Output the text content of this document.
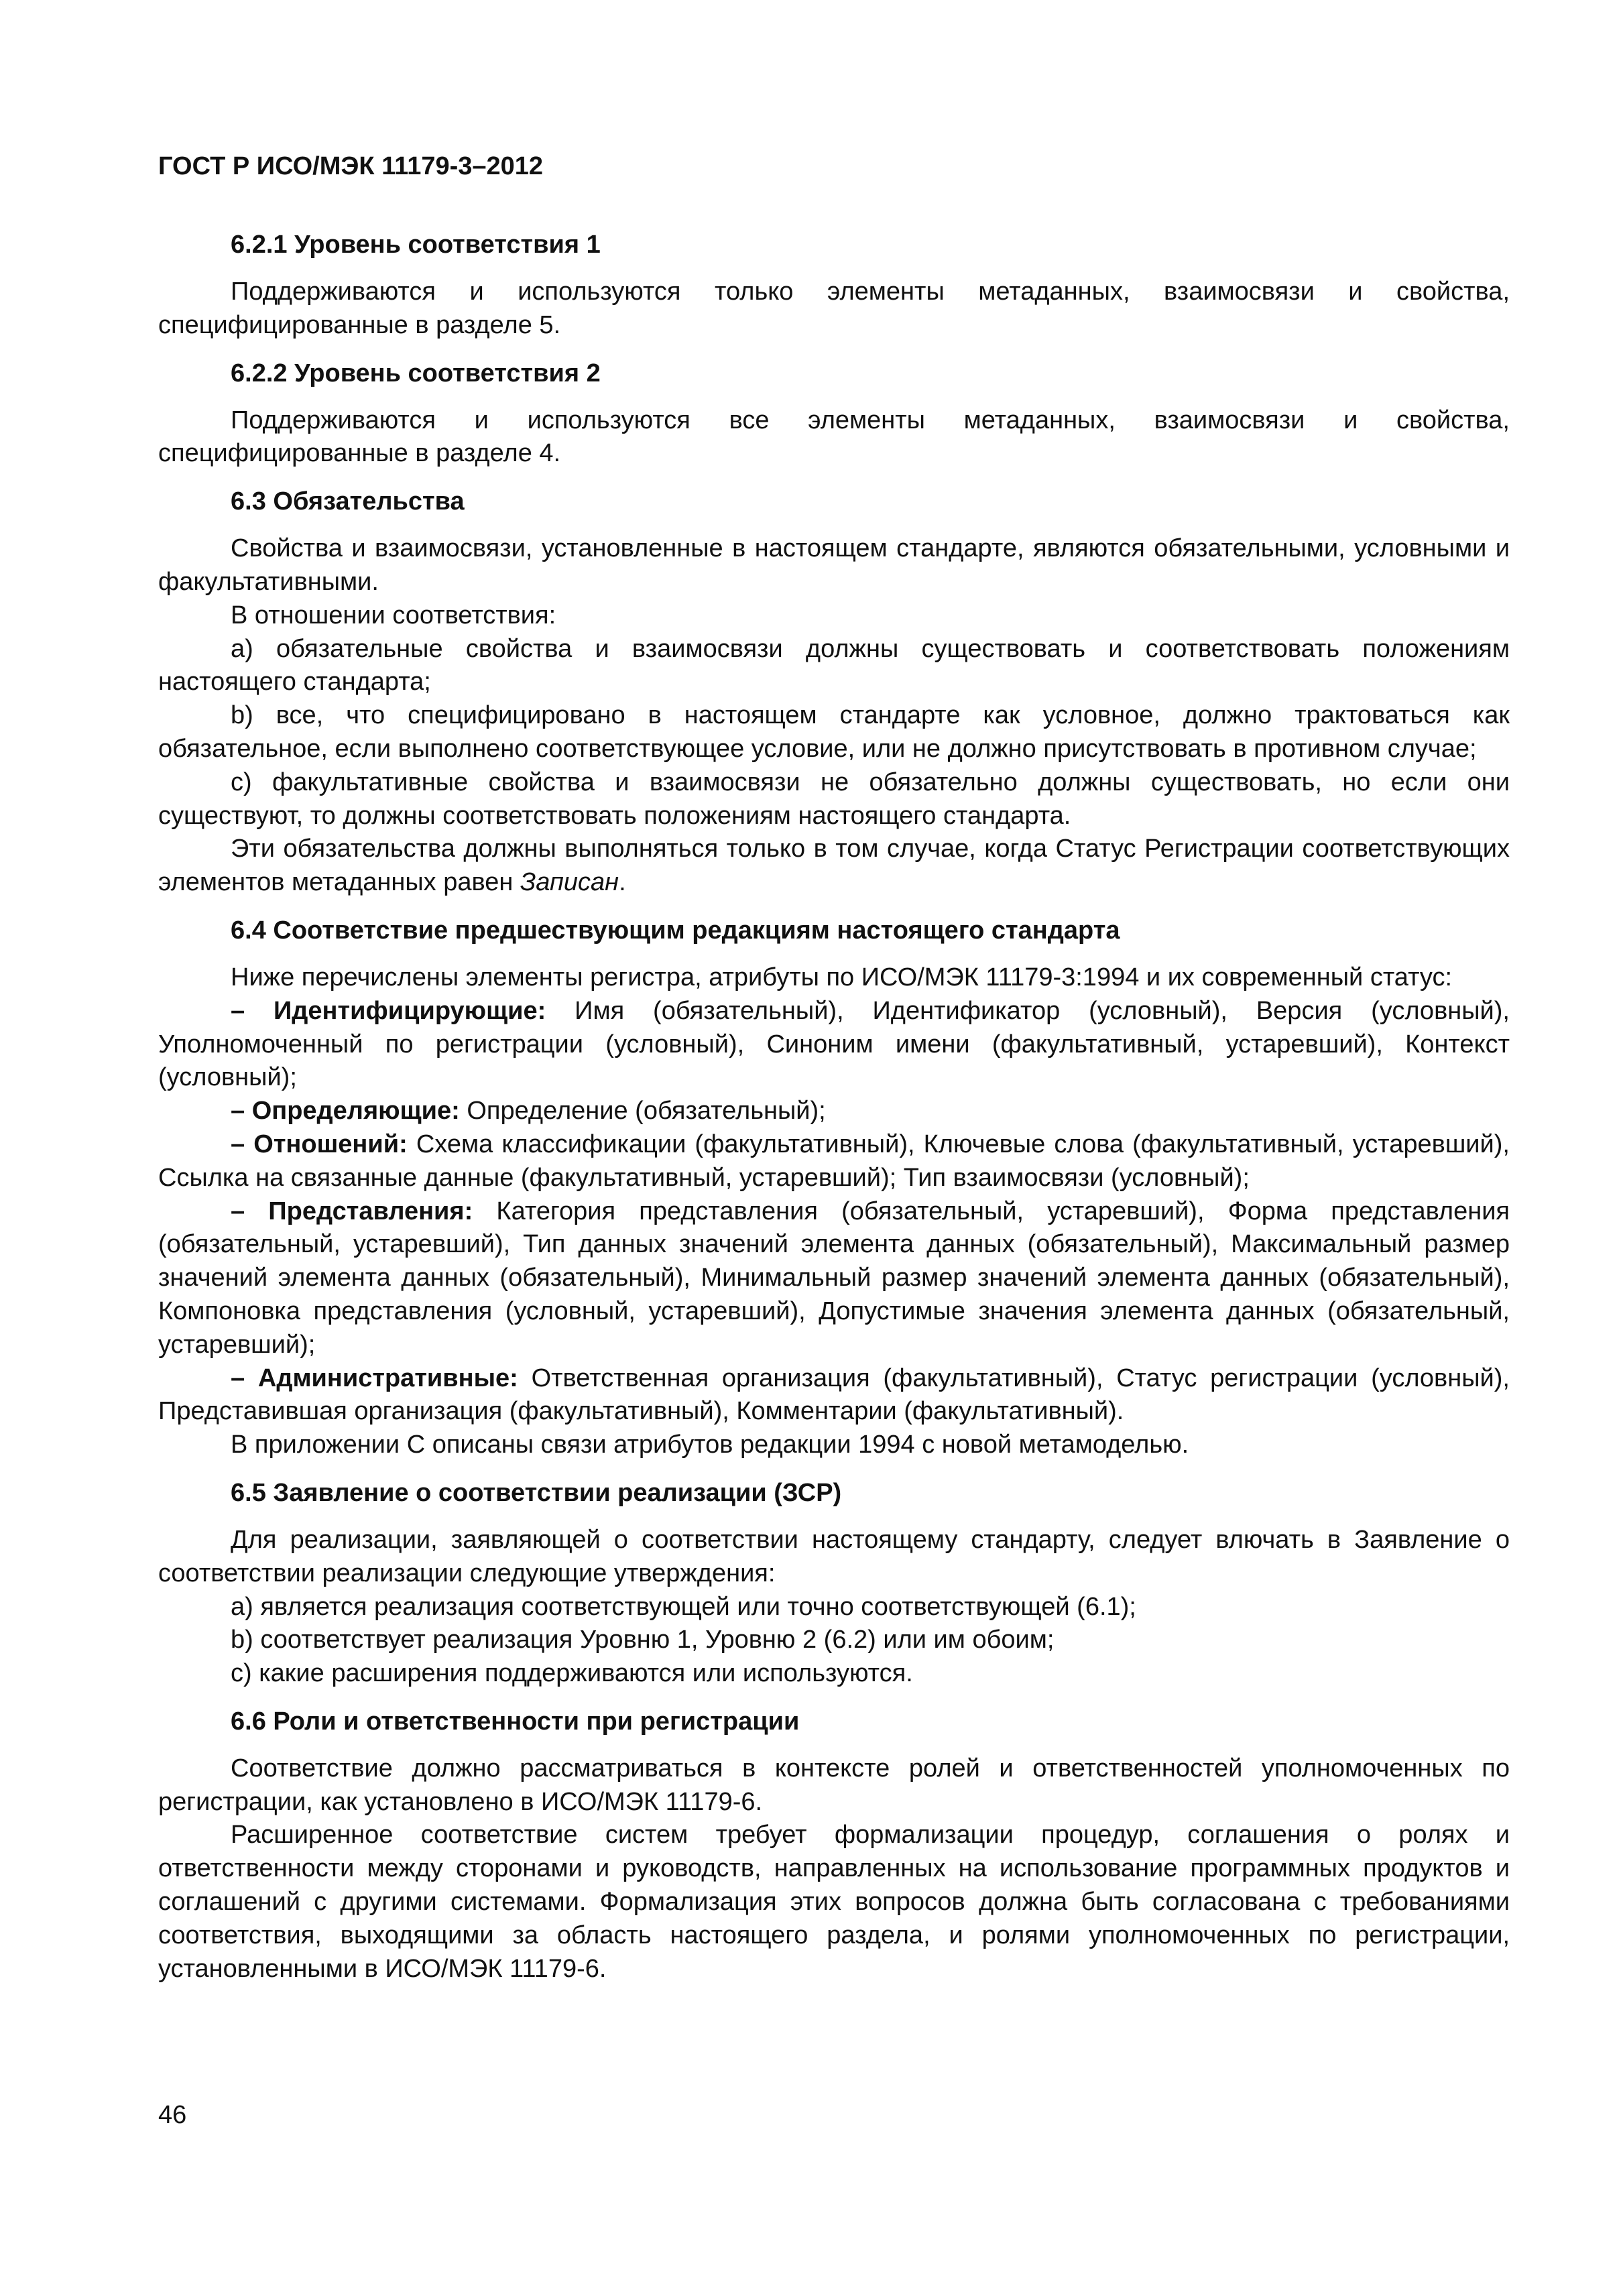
ГОСТ Р ИСО/МЭК 11179-3–2012
6.2.1 Уровень соответствия 1

Поддерживаются и используются только элементы метаданных, взаимосвязи и свойства, специфицированные в разделе 5.

6.2.2 Уровень соответствия 2

Поддерживаются и используются все элементы метаданных, взаимосвязи и свойства, специфицированные в разделе 4.

6.3 Обязательства

Свойства и взаимосвязи, установленные в настоящем стандарте, являются обязательными, условными и факультативными.

В отношении соответствия:

a) обязательные свойства и взаимосвязи должны существовать и соответствовать положениям настоящего стандарта;

b) все, что специфицировано в настоящем стандарте как условное, должно трактоваться как обязательное, если выполнено соответствующее условие, или не должно присутствовать в противном случае;

c) факультативные свойства и взаимосвязи не обязательно должны существовать, но если они существуют, то должны соответствовать положениям настоящего стандарта.

Эти обязательства должны выполняться только в том случае, когда Статус Регистрации соответствующих элементов метаданных равен Записан.

6.4 Соответствие предшествующим редакциям настоящего стандарта

Ниже перечислены элементы регистра, атрибуты по ИСО/МЭК 11179-3:1994 и их современный статус:

– Идентифицирующие: Имя (обязательный), Идентификатор (условный), Версия (условный), Уполномоченный по регистрации (условный), Синоним имени (факультативный, устаревший), Контекст (условный);

– Определяющие: Определение (обязательный);

– Отношений: Схема классификации (факультативный), Ключевые слова (факультативный, устаревший), Ссылка на связанные данные (факультативный, устаревший); Тип взаимосвязи (условный);

– Представления: Категория представления (обязательный, устаревший), Форма представления (обязательный, устаревший), Тип данных значений элемента данных (обязательный), Максимальный размер значений элемента данных (обязательный), Минимальный размер значений элемента данных (обязательный), Компоновка представления (условный, устаревший), Допустимые значения элемента данных (обязательный, устаревший);

– Административные: Ответственная организация (факультативный), Статус регистрации (условный), Представившая организация (факультативный), Комментарии (факультативный).

В приложении С описаны связи атрибутов редакции 1994 с новой метамоделью.

6.5 Заявление о соответствии реализации (ЗСР)

Для реализации, заявляющей о соответствии настоящему стандарту, следует влючать в Заявление о соответствии реализации следующие утверждения:

a) является реализация соответствующей или точно соответствующей (6.1);

b) соответствует реализация Уровню 1, Уровню 2 (6.2) или им обоим;

c) какие расширения поддерживаются или используются.

6.6 Роли и ответственности при регистрации

Соответствие должно рассматриваться в контексте ролей и ответственностей уполномоченных по регистрации, как установлено в ИСО/МЭК 11179-6.

Расширенное соответствие систем требует формализации процедур, соглашения о ролях и ответственности между сторонами и руководств, направленных на использование программных продуктов и соглашений с другими системами. Формализация этих вопросов должна быть согласована с требованиями соответствия, выходящими за область настоящего раздела, и ролями уполномоченных по регистрации, установленными в ИСО/МЭК 11179-6.

46
